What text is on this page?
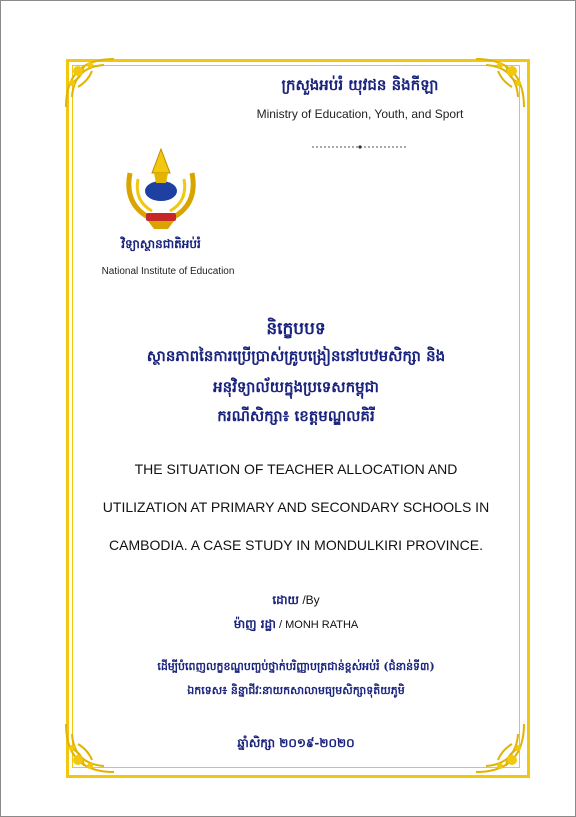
ក្រសួងអប់រំ យុវជន និងកីឡា
Ministry of Education, Youth, and Sport
វិទ្យាស្ថានជាតិអប់រំ
National Institute of Education
និក្ខេបបទ
ស្ថានភាពនៃការប្រើប្រាស់គ្រូបង្រៀននៅបឋមសិក្សា និង
អនុវិទ្យាល័យក្នុងប្រទេសកម្ពុជា
ករណីសិក្សា៖ ខេត្តមណ្ឌលគិរី
THE SITUATION OF TEACHER ALLOCATION AND
UTILIZATION AT PRIMARY AND SECONDARY SCHOOLS IN
CAMBODIA. A CASE STUDY IN MONDULKIRI PROVINCE.
ដោយ /By
ម៉ាញ រដ្ឋា / MONH RATHA
ដើម្បីបំពេញលក្ខខណ្ឌបញ្ចប់ថ្នាក់បរិញ្ញាបត្រជាន់ខ្ពស់អប់រំ (ជំនាន់ទី៣)
ឯកទេស៖ និន្នាជីវៈនាយកសាលាមធ្យមសិក្សាទុតិយភូមិ
ឆ្នាំសិក្សា ២០១៩-២០២០
